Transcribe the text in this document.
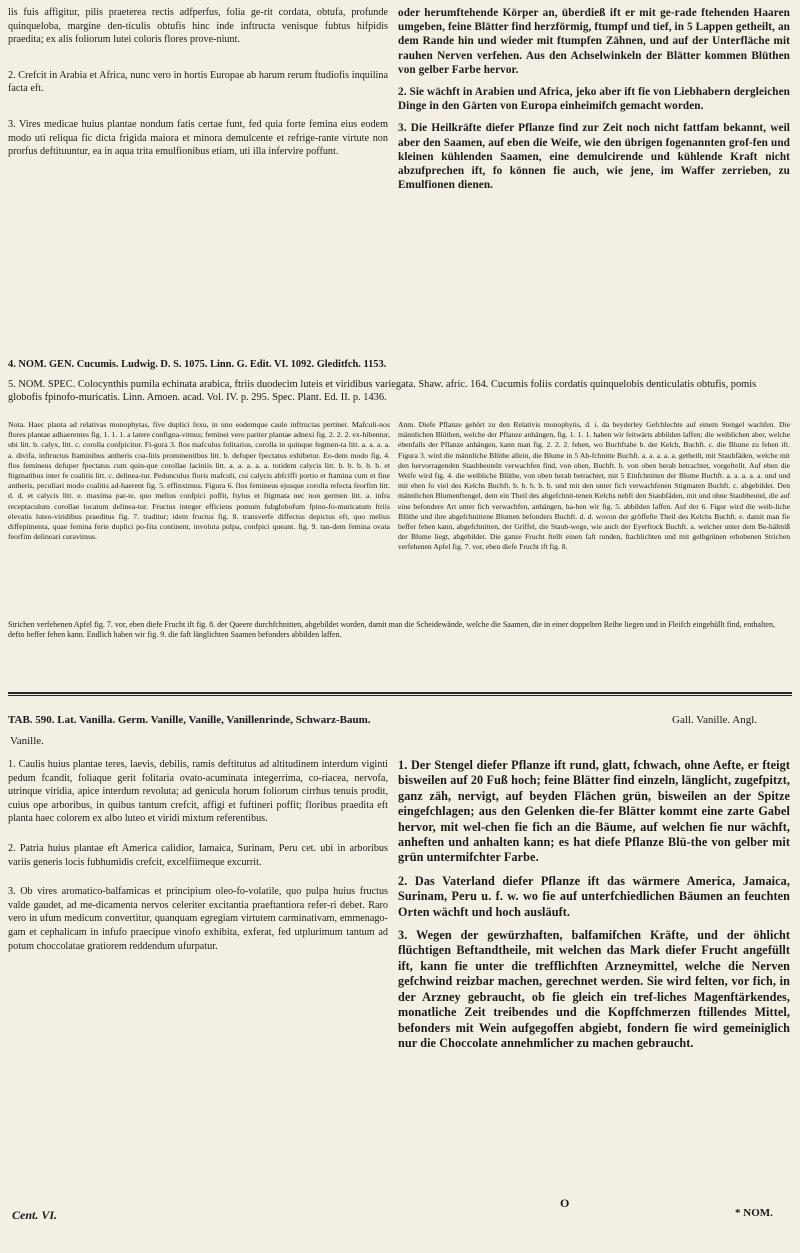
lis fuis affigitur, pilis praeterea rectis adfperfus, folia ge-rit cordata, obtufa, profunde quinqueloba, margine den-ticulis obtufis hinc inde inftructa venisque fubtus hifpidis praedita; ex alis foliorum lutei coloris flores prove-niunt.

2. Crefcit in Arabia et Africa, nunc vero in hortis Europae ab harum rerum ftudiofis inquilina facta eft.

3. Vires medicae huius plantae nondum fatis certae funt, fed quia forte femina eius eodem modo uti reliqua fic dicta frigida maiora et minora demulcente et refrige-rante virtute non prorfus deftituuntur, ea in aqua trita emulfionibus etiam, uti illa infervire poffunt.

oder herumftehende Körper an, überdieß ift er mit ge-rade ftehenden Haaren umgeben, feine Blätter find herzförmig, ftumpf und tief, in 5 Lappen getheilt, an dem Rande hin und wieder mit ftumpfen Zähnen, und auf der Unterfläche mit rauhen Nerven verfehen. Aus den Achselwinkeln der Blätter kommen Blüthen von gelber Farbe hervor.

2. Sie wächft in Arabien und Africa, jeko aber ift fie von Liebhabern dergleichen Dinge in den Gärten von Europa einheimifch gemacht worden.

3. Die Heilkräfte diefer Pflanze find zur Zeit noch nicht fattfam bekannt, weil aber den Saamen, auf eben die Weife, wie den übrigen fogenannten grof-fen und kleinen kühlenden Saamen, eine demulcirende und kühlende Kraft nicht abzufprechen ift, fo können fie auch, wie jene, im Waffer zerrieben, zu Emulfionen dienen.

4. NOM. GEN. Cucumis. Ludwig. D. S. 1075. Linn. G. Edit. VI. 1092. Gleditfch. 1153.
5. NOM. SPEC. Colocynthis pumila echinata arabica, ftriis duodecim luteis et viridibus variegata. Shaw. afric. 164. Cucumis foliis cordatis quinquelobis denticulatis obtufis, pomis globofis fpinofo-muricatis. Linn. Amoen. acad. Vol. IV. p. 295. Spec. Plant. Ed. II. p. 1436.
Nota. Haec planta ad relativas monophytas, five duplici fexu, in uno eodemque caule inftructas pertinet. Mafculi-nos flores plantae adhaerentes fig. 1. 1. 1. a latere configna-vimus; feminei vero pariter plantae adnexi fig. 2. 2. 2. ex-hibentur, ubi litt. b. calyx, litt. c. corolla confpicitur. Fi-gura 3. flos mafculus folitarius, corolla in quinque fegmen-ta litt. a. a. a. a. a. divifa, inftructus ftaminibus antheris coa-litis prominentibus litt. b. defuper fpectatus exhibetur. Eo-dem modo fig. 4. flos femineus defuper fpectatus cum quin-que corollae laciniis litt. a. a. a. a. a. totidem calycis litt. b. b. b. b. b. et ftigmatibus inter fe coalitis litt. c. delinea-tur. Pedunculus floris mafculi, cui calycis abfciffi portio et ftamina cum et fine antheris, peculiari modo coalitis ad-haerent fig. 5. effinximus. Figura 6. flos femineus ejusque corolla refecta feorfim litt. d. d. et calycis litt. e. maxima par-te, quo melius confpici poffit, ftylus et ftigmata nec non germen litt. a. infra receptaculum corollae locatum delinea-tur. Fructus integer efficiens pomum fubglobofum fpino-fo-muricatum ftriis elevatis luteo-viridibus praeditus fig. 7. traditur; idem fructus fig. 8. transverfe diffectus depictus eft, quo melius diffepimenta, quae femina ferie duplici po-fita continent, involuta pulpa, confpici queant. fig. 9. tan-dem femina ovata feorfim delineari curavimus.
Anm. Diefe Pflanze gehört zu den Relativis monophytis, d. i. da beyderley Gefchlechte auf einem Stengel wachfen. Die männlichen Blüthen, welche der Pflanze anhängen, fig. 1. 1. 1. haben wir feitwärts abbilden laffen; die weiblichen aber, welche ebenfalls der Pflanze anhängen, kann man fig. 2. 2. 2. fehen, wo Buchftabe b. der Kelch, Buchft. c. die Blume zu fehen ift. Figura 3. wird die männliche Blüthe allein, die Blume in 5 Ab-fchnitte Buchft. a. a. a. a. a. getheilt, mit Staubfäden, welche mit den hervorragenden Staubbeuteln verwachfen find, von oben, Buchft. b. von oben herab betrachtet, vorgeftellt. Auf eben die Weife wird fig. 4. die weibliche Blüthe, von oben herab betrachtet, mit 5 Einfchnitten der Blume Buchft. a. a. a. a. a. und und mit eben fo viel des Kelchs Buchft. b. b. b. b. b. und mit den unter fich verwachfenen Stigmaten Buchft. c. abgebildet. Den männlichen Blumenftengel, dem ein Theil des abgefchnit-tenen Kelchs nebft den Staubfäden, mit und ohne Staubbeutel, die auf eine befondere Art unter fich verwachfen, anhängen, ha-ben wir fig. 5. abbilden laffen. Auf der 6. Figur wird die weib-liche Blüthe und ihre abgefchnittene Blumen befonders Buchft. d. d. wovon der gröffefte Theil des Kelchs Buchft. e. damit man fie beffer fehen kann, abgefchnitten, der Griffel, die Staub-wege, wie auch der Eyerftock Buchft. a. welcher unter dem Be-hältniß der Blume liegt, abgebildet. Die ganze Frucht ftellt einen faft runden, ftachlichten und mit gelbgrünen erhobenen Strichen verfehenen Apfel fig. 7. vor, eben diefe Frucht ift fig. 8.
Strichen verfehenen Apfel fig. 7. vor, eben diefe Frucht ift fig. 8. der Queere durchfchnitten, abgebildet worden, damit man die Scheidewände, welche die Saamen, die in einer doppelten Reihe liegen und in Fleifch eingehüllt find, enthalten, defto beffer fehen kann. Endlich haben wir fig. 9. die faft länglichten Saamen befonders abbilden laffen.
TAB. 590. Lat. Vanilla. Germ. Vanille, Vanille, Vanillenrinde, Schwarz-Baum.	Gall. Vanille. Angl.
Vanille.

1. Caulis huius plantae teres, laevis, debilis, ramis deftitutus ad altitudinem interdum viginti pedum fcandit, foliaque gerit folitaria ovato-acuminata integerrima, co-riacea, nervofa, utrinque viridia, apice interdum revoluta; ad genicula horum foliorum cirrhus tenuis prodit, cuius ope arboribus, in quibus tantum crefcit, affigi et fuftineri poffit; floribus praedita eft planta haec colorem ex albo luteo et viridi mixtum referentibus.

2. Patria huius plantae eft America calidior, Iamaica, Surinam, Peru cet. ubi in arboribus variis generis locis fubhumidis crefcit, excelfiimeque excurrit.

3. Ob vires aromatico-balfamicas et principium oleo-fo-volatile, quo pulpa huius fructus valde gaudet, ad me-dicamenta nervos celeriter excitantia praeftantiora refer-ri debet. Raro vero in ufum medicum convertitur, quanquam egregiam virtutem carminativam, emmenago-gam et cephalicam in infufo praecipue vinofo exhibita, exferat, fed utplurimum tantum ad potum choccolatae gratiorem reddendum ufurpatur.

1. Der Stengel diefer Pflanze ift rund, glatt, fchwach, ohne Aefte, er fteigt bisweilen auf 20 Fuß hoch; feine Blätter find einzeln, länglicht, zugefpitzt, ganz zäh, nervigt, auf beyden Flächen grün, bisweilen an der Spitze eingefchlagen; aus den Gelenken die-fer Blätter kommt eine zarte Gabel hervor, mit wel-chen fie fich an die Bäume, auf welchen fie nur wächft, anheften und anhalten kann; es hat diefe Pflanze Blü-the von gelber mit grün untermifchter Farbe.

2. Das Vaterland diefer Pflanze ift das wärmere America, Jamaica, Surinam, Peru u. f. w. wo fie auf unterfchiedlichen Bäumen an feuchten Orten wächft und hoch ausläuft.

3. Wegen der gewürzhaften, balfamifchen Kräfte, und der öhlicht flüchtigen Beftandtheile, mit welchen das Mark diefer Frucht angefüllt ift, kann fie unter die trefflichften Arzneymittel, welche die Nerven gefchwind reizbar machen, gerechnet werden. Sie wird felten, vor fich, in der Arzney gebraucht, ob fie gleich ein tref-liches Magenftärkendes, monatliche Zeit treibendes und die Kopffchmerzen ftillendes Mittel, befonders mit Wein aufgegoffen abgiebt, fondern fie wird gemeiniglich nur die Choccolate annehmlicher zu machen gebraucht.

Cent. VI.
O
* NOM.
